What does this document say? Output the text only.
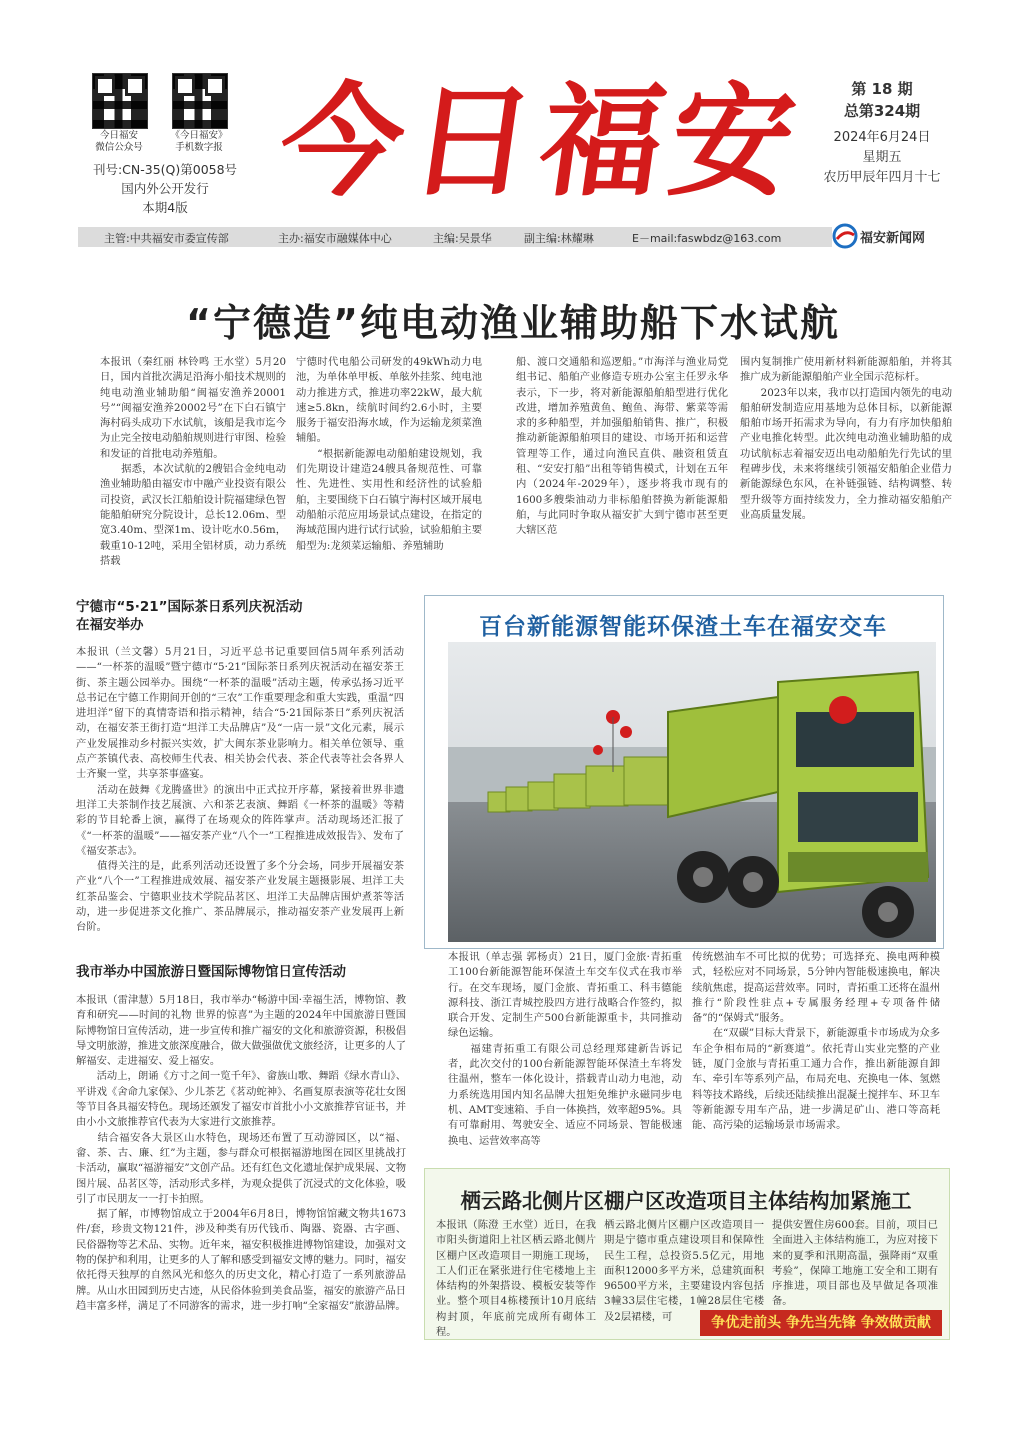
今日福安
微信公众号
《今日福安》
手机数字报
刊号:CN-35(Q)第0058号
国内外公开发行
本期4版 今日福安	第 18 期
总第324期
2024年6月24日
星期五
农历甲辰年四月十七
主管:中共福安市委宣传部	主办:福安市融媒体中心	主编:吴景华	副主编:林耀琳	E－mail:faswbdz@163.com	福安新闻网
“宁德造”纯电动渔业辅助船下水试航

本报讯（秦红丽 林铃鸣 王水堂）5月20日，国内首批次满足沿海小船技术规则的纯电动渔业辅助船“闽福安渔养20001号”“闽福安渔养20002号”在下白石镇宁海村码头成功下水试航，该船是我市迄今为止完全按电动船舶规则进行审图、检验和发证的首批电动养殖船。
　　据悉，本次试航的2艘铝合金纯电动渔业辅助船由福安市中融产业投资有限公司投资，武汉长江船舶设计院福建绿色智能船舶研究分院设计，总长12.06m、型宽3.40m、型深1m、设计吃水0.56m，载重10-12吨，采用全铝材质，动力系统搭载

宁德时代电船公司研发的49kWh动力电池，为单体单甲板、单舷外挂浆、纯电池动力推进方式，推进功率22kW，最大航速≥5.8kn，续航时间约2.6小时，主要服务于福安沿海水域，作为运输龙须菜渔辅船。
　　“根据新能源电动船舶建设规划，我们先期设计建造24艘具备规范性、可靠性、先进性、实用性和经济性的试验船舶，主要围绕下白石镇宁海村区域开展电动船舶示范应用场景试点建设，在指定的海域范围内进行试行试验，试验船舶主要船型为:龙须菜运输船、养殖辅助

船、渡口交通船和巡逻船。”市海洋与渔业局党组书记、船舶产业修造专班办公室主任罗永华表示，下一步，将对新能源船舶船型进行优化改进，增加养殖黄鱼、鲍鱼、海带、紫菜等需求的多种船型，并加强船舶销售、推广，积极推动新能源船舶项目的建设、市场开拓和运营管理等工作，通过向渔民直供、融资租赁直租、“安安打船”出租等销售模式，计划在五年内（2024年-2029年），逐步将我市现有的1600多艘柴油动力非标船舶替换为新能源船舶，与此同时争取从福安扩大到宁德市甚至更大辖区范

围内复制推广使用新材料新能源船舶，并将其推广成为新能源船舶产业全国示范标杆。
　　2023年以来，我市以打造国内领先的电动船舶研发制造应用基地为总体目标，以新能源船舶市场开拓需求为导向，有力有序加快船舶产业电推化转型。此次纯电动渔业辅助船的成功试航标志着福安迈出电动船舶先行先试的里程碑步伐，未来将继续引领福安船舶企业借力新能源绿色东风，在补链强链、结构调整、转型升级等方面持续发力，全力推动福安船舶产业高质量发展。

宁德市“5·21”国际茶日系列庆祝活动
在福安举办

本报讯（兰文馨）5月21日，习近平总书记重要回信5周年系列活动——“一杯茶的温暖”暨宁德市“5·21”国际茶日系列庆祝活动在福安茶王街、茶主题公园举办。围绕“一杯茶的温暖”活动主题，传承弘扬习近平总书记在宁德工作期间开创的“三农”工作重要理念和重大实践，重温“四进坦洋”留下的真情寄语和指示精神，结合“5·21国际茶日”系列庆祝活动，在福安茶王街打造“坦洋工夫品牌店”及“一店一景”文化元素，展示产业发展推动乡村振兴实效，扩大闽东茶业影响力。相关单位领导、重点产茶镇代表、高校师生代表、相关协会代表、茶企代表等社会各界人士齐聚一堂，共享茶事盛宴。
　　活动在鼓舞《龙腾盛世》的演出中正式拉开序幕，紧接着世界非遗坦洋工夫茶制作技艺展演、六和茶艺表演、舞蹈《一杯茶的温暖》等精彩的节目轮番上演，赢得了在场观众的阵阵掌声。活动现场还汇报了《“一杯茶的温暖”——福安茶产业“八个一”工程推进成效报告》、发布了《福安茶志》。
　　值得关注的是，此系列活动还设置了多个分会场，同步开展福安茶产业“八个一”工程推进成效展、福安茶产业发展主题摄影展、坦洋工夫红茶品鉴会、宁德职业技术学院品茗区、坦洋工夫品牌店围炉煮茶等活动，进一步促进茶文化推广、茶品牌展示，推动福安茶产业发展再上新台阶。

我市举办中国旅游日暨国际博物馆日宣传活动

本报讯（雷津慧）5月18日，我市举办“畅游中国·幸福生活，博物馆、教育和研究——时间的礼物 世界的惊喜”为主题的2024年中国旅游日暨国际博物馆日宣传活动，进一步宣传和推广福安的文化和旅游资源，积极倡导文明旅游，推进文旅深度融合，做大做强做优文旅经济，让更多的人了解福安、走进福安、爱上福安。
　　活动上，朗诵《方寸之间一览千年》、畲族山歌、舞蹈《绿水青山》、平讲戏《舍命九家保》、少儿茶艺《茗动蛇神》、名画复原表演等花壮女图等节目各具福安特色。现场还颁发了福安市首批小小文旅推荐官证书，并由小小文旅推荐官代表为大家进行文旅推荐。
　　结合福安各大景区山水特色，现场还布置了互动游园区，以“福、畲、茶、古、廉、红”为主题，参与群众可根据福游地图在园区里挑战打卡活动，赢取“福游福安”文创产品。还有红色文化遗址保护成果展、文物图片展、品茗区等，活动形式多样，为观众提供了沉浸式的文化体验，吸引了市民朋友一一打卡拍照。
　　据了解，市博物馆成立于2004年6月8日，博物馆馆藏文物共1673件/套，珍贵文物121件，涉及种类有历代钱币、陶器、瓷器、古字画、民俗器物等艺术品、实物。近年来，福安积极推进博物馆建设，加强对文物的保护和利用，让更多的人了解和感受到福安文博的魅力。同时，福安依托得天独厚的自然风光和悠久的历史文化，精心打造了一系列旅游品牌。从山水田园到历史古迹，从民俗体验到美食品鉴，福安的旅游产品日趋丰富多样，满足了不同游客的需求，进一步打响“全家福安”旅游品牌。

百台新能源智能环保渣土车在福安交车

本报讯（单志强 郭杨贞）21日，厦门金旅·青拓重工100台新能源智能环保渣土车交车仪式在我市举行。在交车现场，厦门金旅、青拓重工、科韦德能源科技、浙江青城控股四方进行战略合作签约，拟联合开发、定制生产500台新能源重卡，共同推动绿色运输。
　　福建青拓重工有限公司总经理郑建新告诉记者，此次交付的100台新能源智能环保渣土车将发往温州，整车一体化设计，搭载青山动力电池，动力系统选用国内知名品牌大扭矩免维护永磁同步电机、AMT变速箱、手自一体换挡，效率超95%。具有可靠耐用、驾驶安全、适应不同场景、智能极速换电、运营效率高等

传统燃油车不可比拟的优势；可选择充、换电两种模式，轻松应对不同场景，5分钟内智能极速换电，解决续航焦虑，提高运营效率。同时，青拓重工还将在温州推行“阶段性驻点+专属服务经理+专项备件储备”的“保姆式”服务。
　　在“双碳”目标大背景下，新能源重卡市场成为众多车企争相布局的“新赛道”。依托青山实业完整的产业链，厦门金旅与青拓重工通力合作，推出新能源自卸车、牵引车等系列产品，布局充电、充换电一体、氢燃料等技术路线，后续还陆续推出混凝土搅拌车、环卫车等新能源专用车产品，进一步满足矿山、港口等高耗能、高污染的运输场景市场需求。

栖云路北侧片区棚户区改造项目主体结构加紧施工

本报讯（陈澄 王水堂）近日，在我市阳头街道阳上社区栖云路北侧片区棚户区改造项目一期施工现场，工人们正在紧张进行住宅楼地上主体结构的外架搭设、模板安装等作业。整个项目4栋楼预计10月底结构封顶，年底前完成所有砌体工程。

栖云路北侧片区棚户区改造项目一期是宁德市重点建设项目和保障性民生工程，总投资5.5亿元，用地面积12000多平方米，总建筑面积96500平方米，主要建设内容包括3幢33层住宅楼，1幢28层住宅楼及2层裙楼，可

提供安置住房600套。目前，项目已全面进入主体结构施工，为应对接下来的夏季和汛期高温，强降雨“双重考验”，保障工地施工安全和工期有序推进，项目部也及早做足各项准备。

争优走前头 争先当先锋 争效做贡献
